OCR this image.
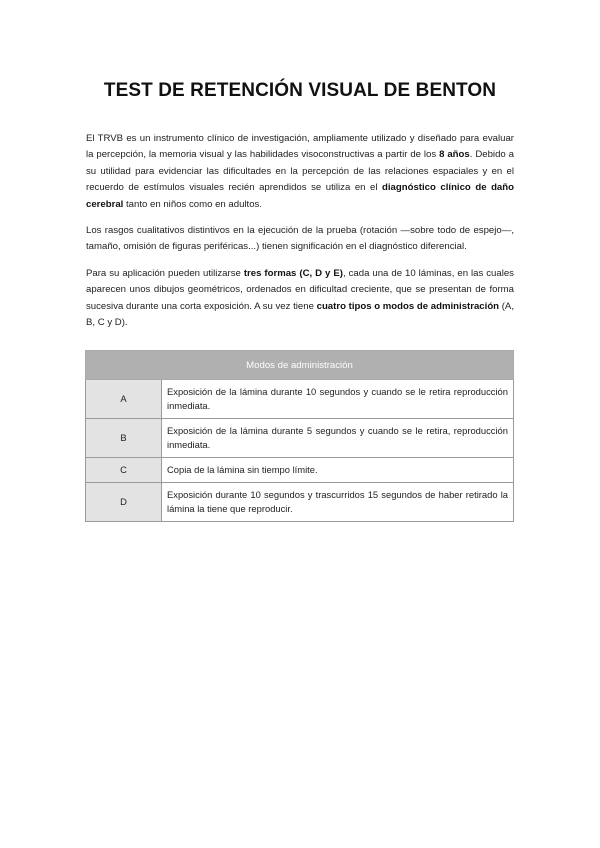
TEST DE RETENCIÓN VISUAL DE BENTON

El TRVB es un instrumento clínico de investigación, ampliamente utilizado y diseñado para evaluar la percepción, la memoria visual y las habilidades visoconstructivas a partir de los 8 años. Debido a su utilidad para evidenciar las dificultades en la percepción de las relaciones espaciales y en el recuerdo de estímulos visuales recién aprendidos se utiliza en el diagnóstico clínico de daño cerebral tanto en niños como en adultos.

Los rasgos cualitativos distintivos en la ejecución de la prueba (rotación —sobre todo de espejo—, tamaño, omisión de figuras periféricas...) tienen significación en el diagnóstico diferencial.

Para su aplicación pueden utilizarse tres formas (C, D y E), cada una de 10 láminas, en las cuales aparecen unos dibujos geométricos, ordenados en dificultad creciente, que se presentan de forma sucesiva durante una corta exposición. A su vez tiene cuatro tipos o modos de administración (A, B, C y D).

Modos de administración	
A	Exposición de la lámina durante 10 segundos y cuando se le retira reproducción inmediata.
B	Exposición de la lámina durante 5 segundos y cuando se le retira, reproducción inmediata.
C	Copia de la lámina sin tiempo límite.
D	Exposición durante 10 segundos y trascurridos 15 segundos de haber retirado la lámina la tiene que reproducir.
